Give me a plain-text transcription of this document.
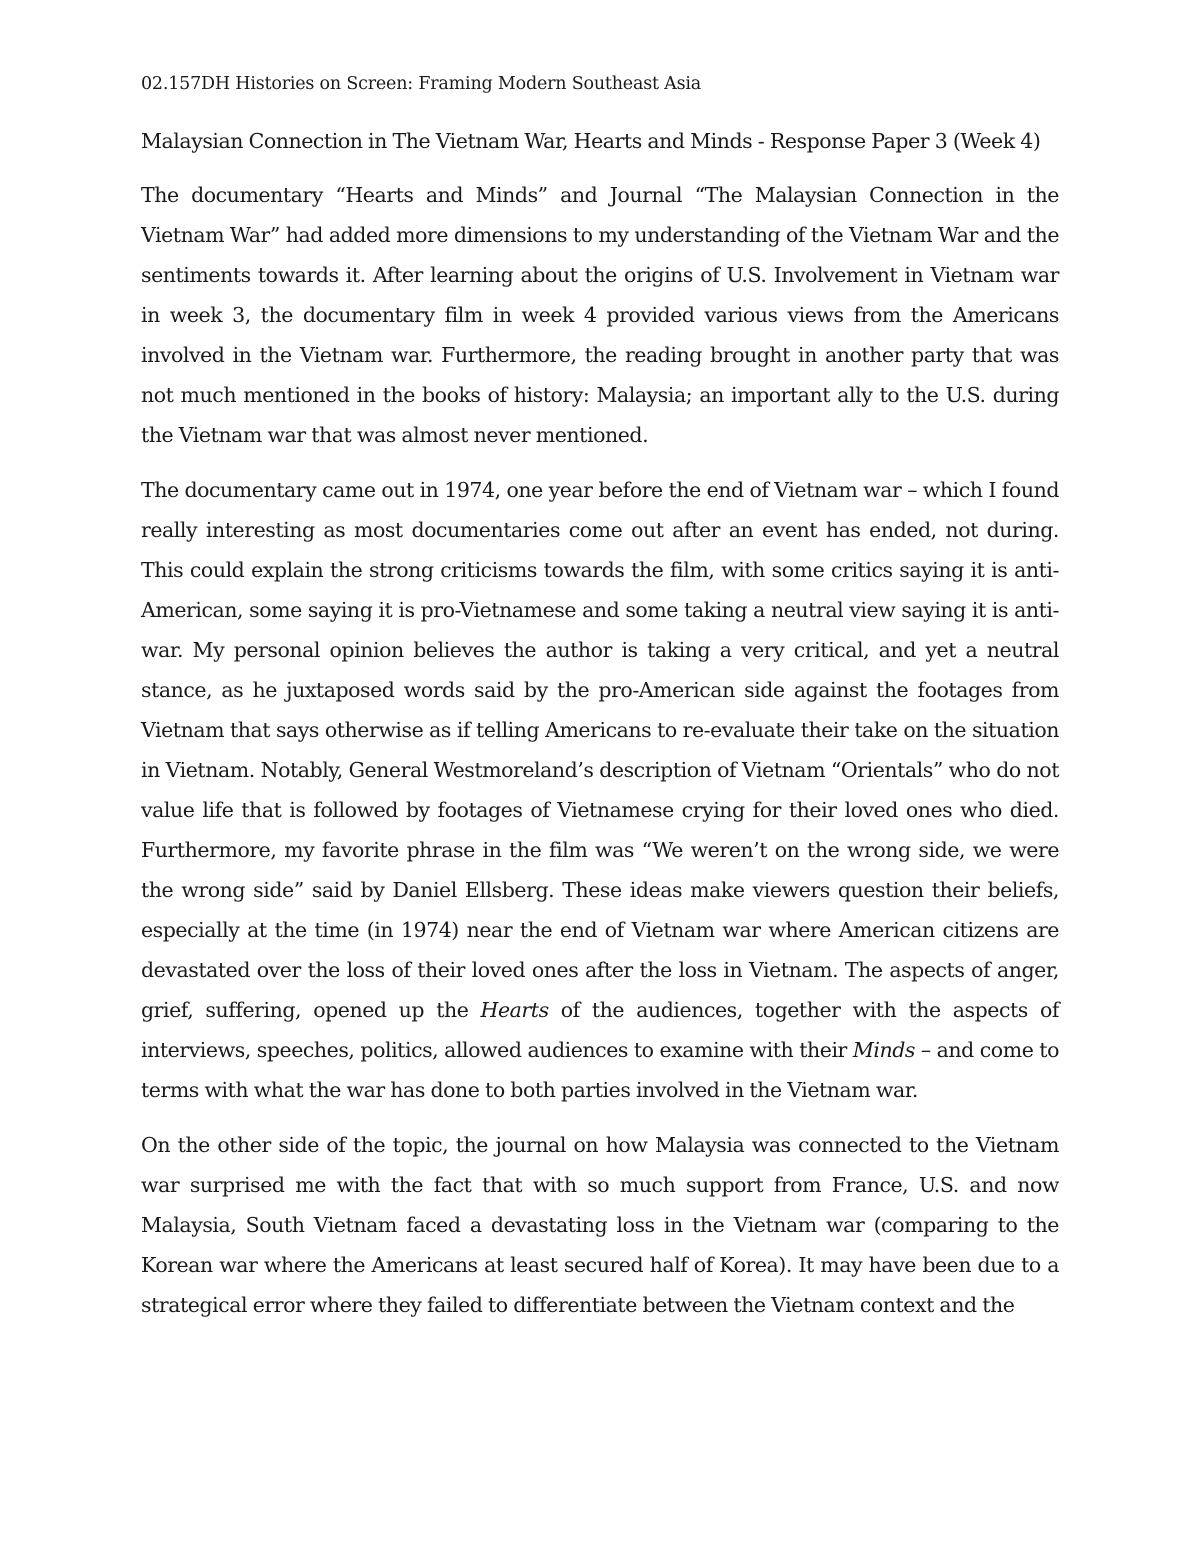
02.157DH Histories on Screen: Framing Modern Southeast Asia
Malaysian Connection in The Vietnam War, Hearts and Minds - Response Paper 3 (Week 4)

The documentary “Hearts and Minds” and Journal “The Malaysian Connection in the Vietnam War” had added more dimensions to my understanding of the Vietnam War and the sentiments towards it. After learning about the origins of U.S. Involvement in Vietnam war in week 3, the documentary film in week 4 provided various views from the Americans involved in the Vietnam war. Furthermore, the reading brought in another party that was not much mentioned in the books of history: Malaysia; an important ally to the U.S. during the Vietnam war that was almost never mentioned.

The documentary came out in 1974, one year before the end of Vietnam war – which I found really interesting as most documentaries come out after an event has ended, not during. This could explain the strong criticisms towards the film, with some critics saying it is anti-American, some saying it is pro-Vietnamese and some taking a neutral view saying it is anti-war. My personal opinion believes the author is taking a very critical, and yet a neutral stance, as he juxtaposed words said by the pro-American side against the footages from Vietnam that says otherwise as if telling Americans to re-evaluate their take on the situation in Vietnam. Notably, General Westmoreland’s description of Vietnam “Orientals” who do not value life that is followed by footages of Vietnamese crying for their loved ones who died. Furthermore, my favorite phrase in the film was “We weren’t on the wrong side, we were the wrong side” said by Daniel Ellsberg. These ideas make viewers question their beliefs, especially at the time (in 1974) near the end of Vietnam war where American citizens are devastated over the loss of their loved ones after the loss in Vietnam. The aspects of anger, grief, suffering, opened up the Hearts of the audiences, together with the aspects of interviews, speeches, politics, allowed audiences to examine with their Minds – and come to terms with what the war has done to both parties involved in the Vietnam war.

On the other side of the topic, the journal on how Malaysia was connected to the Vietnam war surprised me with the fact that with so much support from France, U.S. and now Malaysia, South Vietnam faced a devastating loss in the Vietnam war (comparing to the Korean war where the Americans at least secured half of Korea). It may have been due to a strategical error where they failed to differentiate between the Vietnam context and the
